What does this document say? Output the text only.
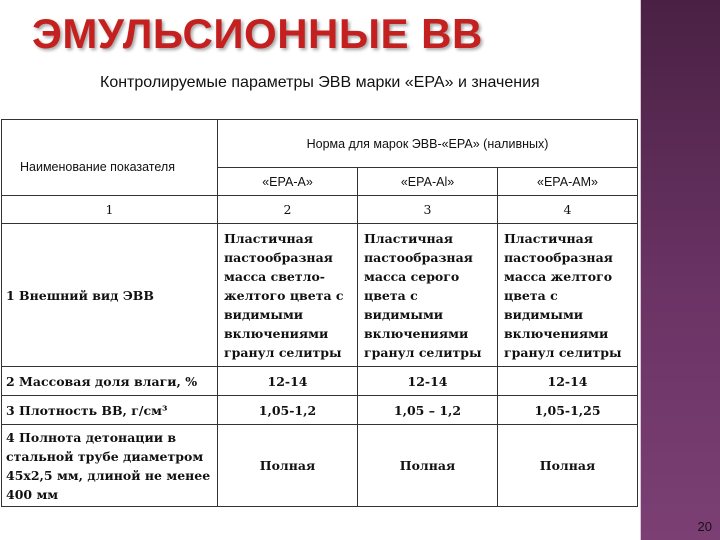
20
ЭМУЛЬСИОННЫЕ ВВ
Контролируемые параметры ЭВВ марки «ЕРА» и значения
Наименование показателя	Норма для марок ЭВВ-«ЕРА» (наливных)		
	«ЕРА-А»	«ЕРА-Аl»	«ЕРА-АМ»
1	2	3	4
1 Внешний вид ЭВВ	Пластичная пастообразная масса светло-желтого цвета с видимыми включениями гранул селитры	Пластичная пастообразная масса серого цвета с видимыми включениями гранул селитры	Пластичная пастообразная масса желтого цвета с видимыми включениями гранул селитры
2 Массовая доля влаги, %	12-14	12-14	12-14
3 Плотность ВВ, г/см³	1,05-1,2	1,05 – 1,2	1,05-1,25
4 Полнота детонации в стальной трубе диаметром 45х2,5 мм, длиной не менее 400 мм	Полная	Полная	Полная
